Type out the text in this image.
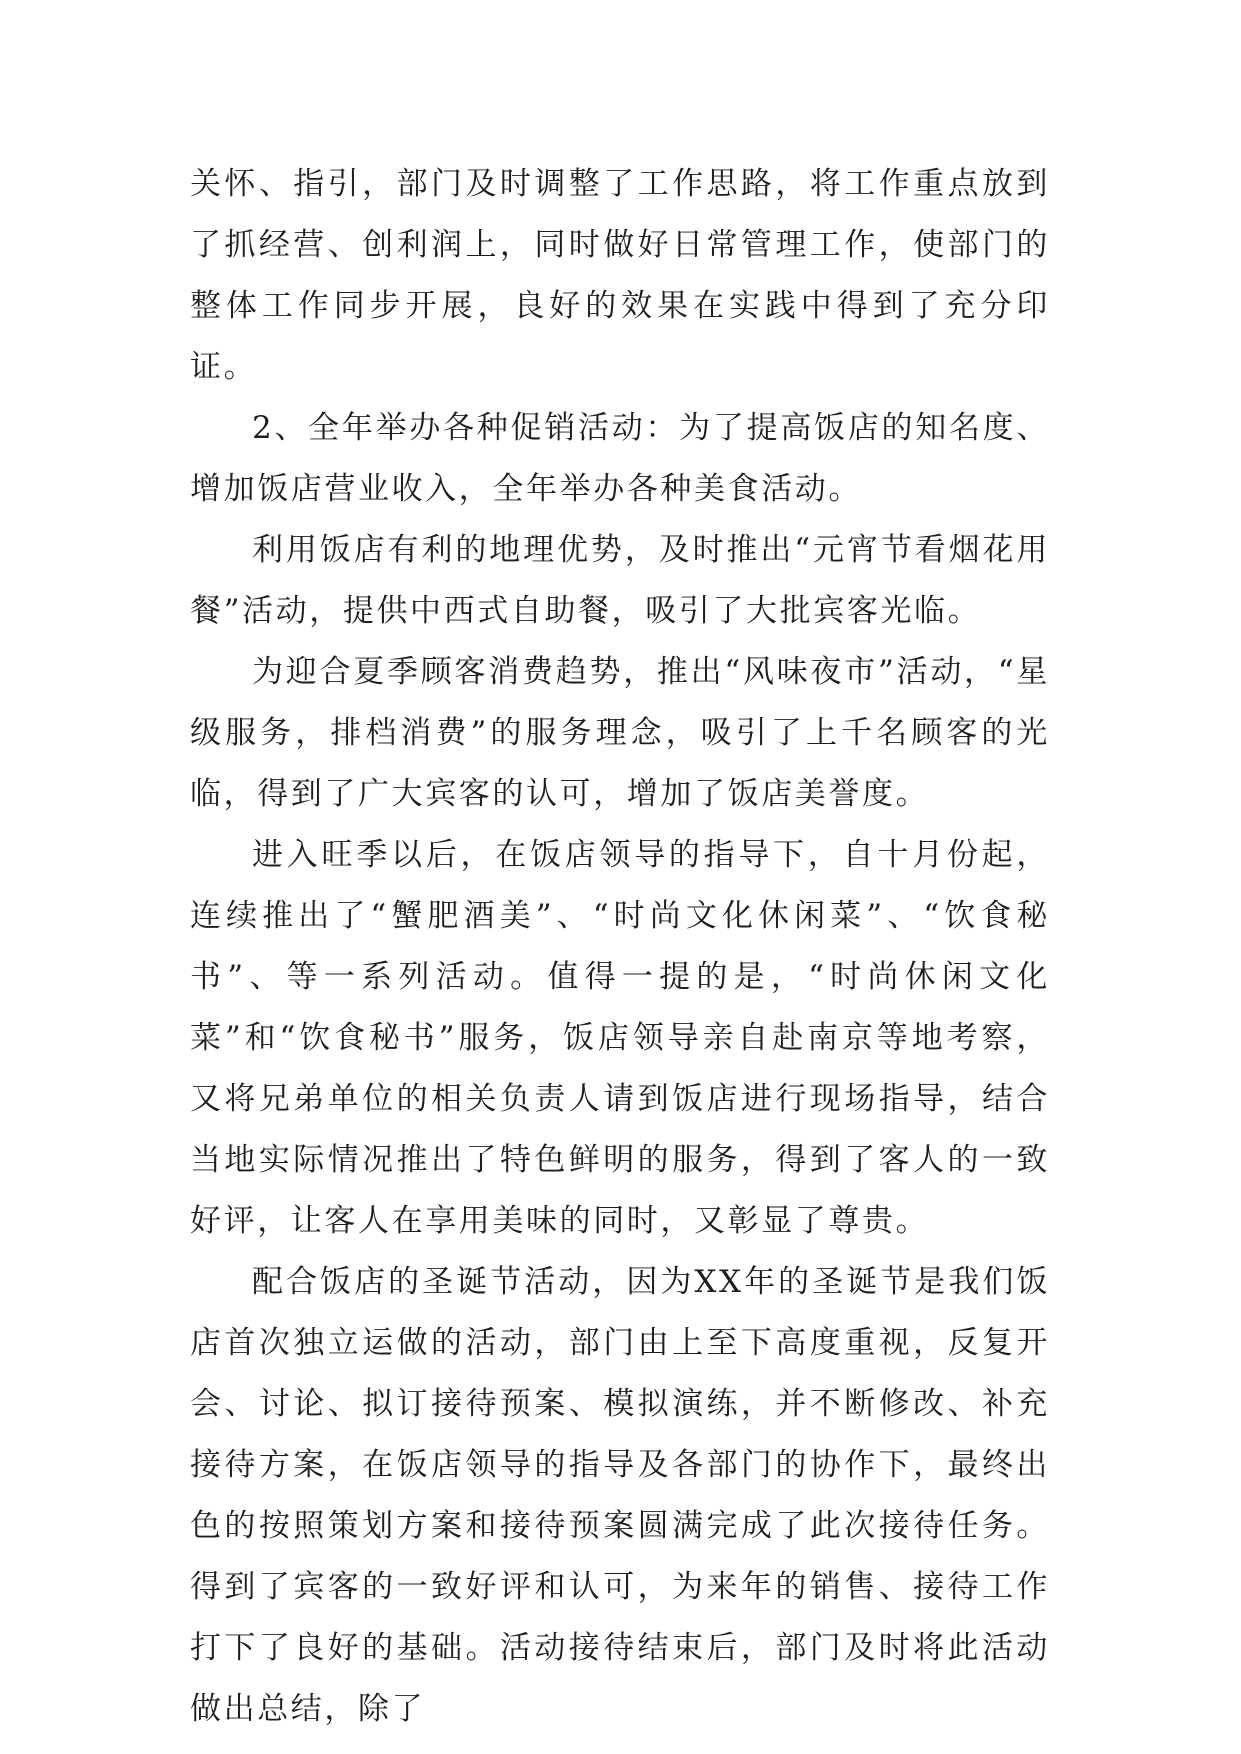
关怀、指引，部门及时调整了工作思路，将工作重点放到了抓经营、创利润上，同时做好日常管理工作，使部门的整体工作同步开展，良好的效果在实践中得到了充分印证。

2、全年举办各种促销活动：为了提高饭店的知名度、增加饭店营业收入，全年举办各种美食活动。

利用饭店有利的地理优势，及时推出“元宵节看烟花用餐”活动，提供中西式自助餐，吸引了大批宾客光临。

为迎合夏季顾客消费趋势，推出“风味夜市”活动，“星级服务，排档消费”的服务理念，吸引了上千名顾客的光临，得到了广大宾客的认可，增加了饭店美誉度。

进入旺季以后，在饭店领导的指导下，自十月份起，连续推出了“蟹肥酒美”、“时尚文化休闲菜”、“饮食秘书”、等一系列活动。值得一提的是，“时尚休闲文化菜”和“饮食秘书”服务，饭店领导亲自赴南京等地考察，又将兄弟单位的相关负责人请到饭店进行现场指导，结合当地实际情况推出了特色鲜明的服务，得到了客人的一致好评，让客人在享用美味的同时，又彰显了尊贵。

配合饭店的圣诞节活动，因为XX年的圣诞节是我们饭店首次独立运做的活动，部门由上至下高度重视，反复开会、讨论、拟订接待预案、模拟演练，并不断修改、补充接待方案，在饭店领导的指导及各部门的协作下，最终出色的按照策划方案和接待预案圆满完成了此次接待任务。得到了宾客的一致好评和认可，为来年的销售、接待工作打下了良好的基础。活动接待结束后，部门及时将此活动做出总结，除了
